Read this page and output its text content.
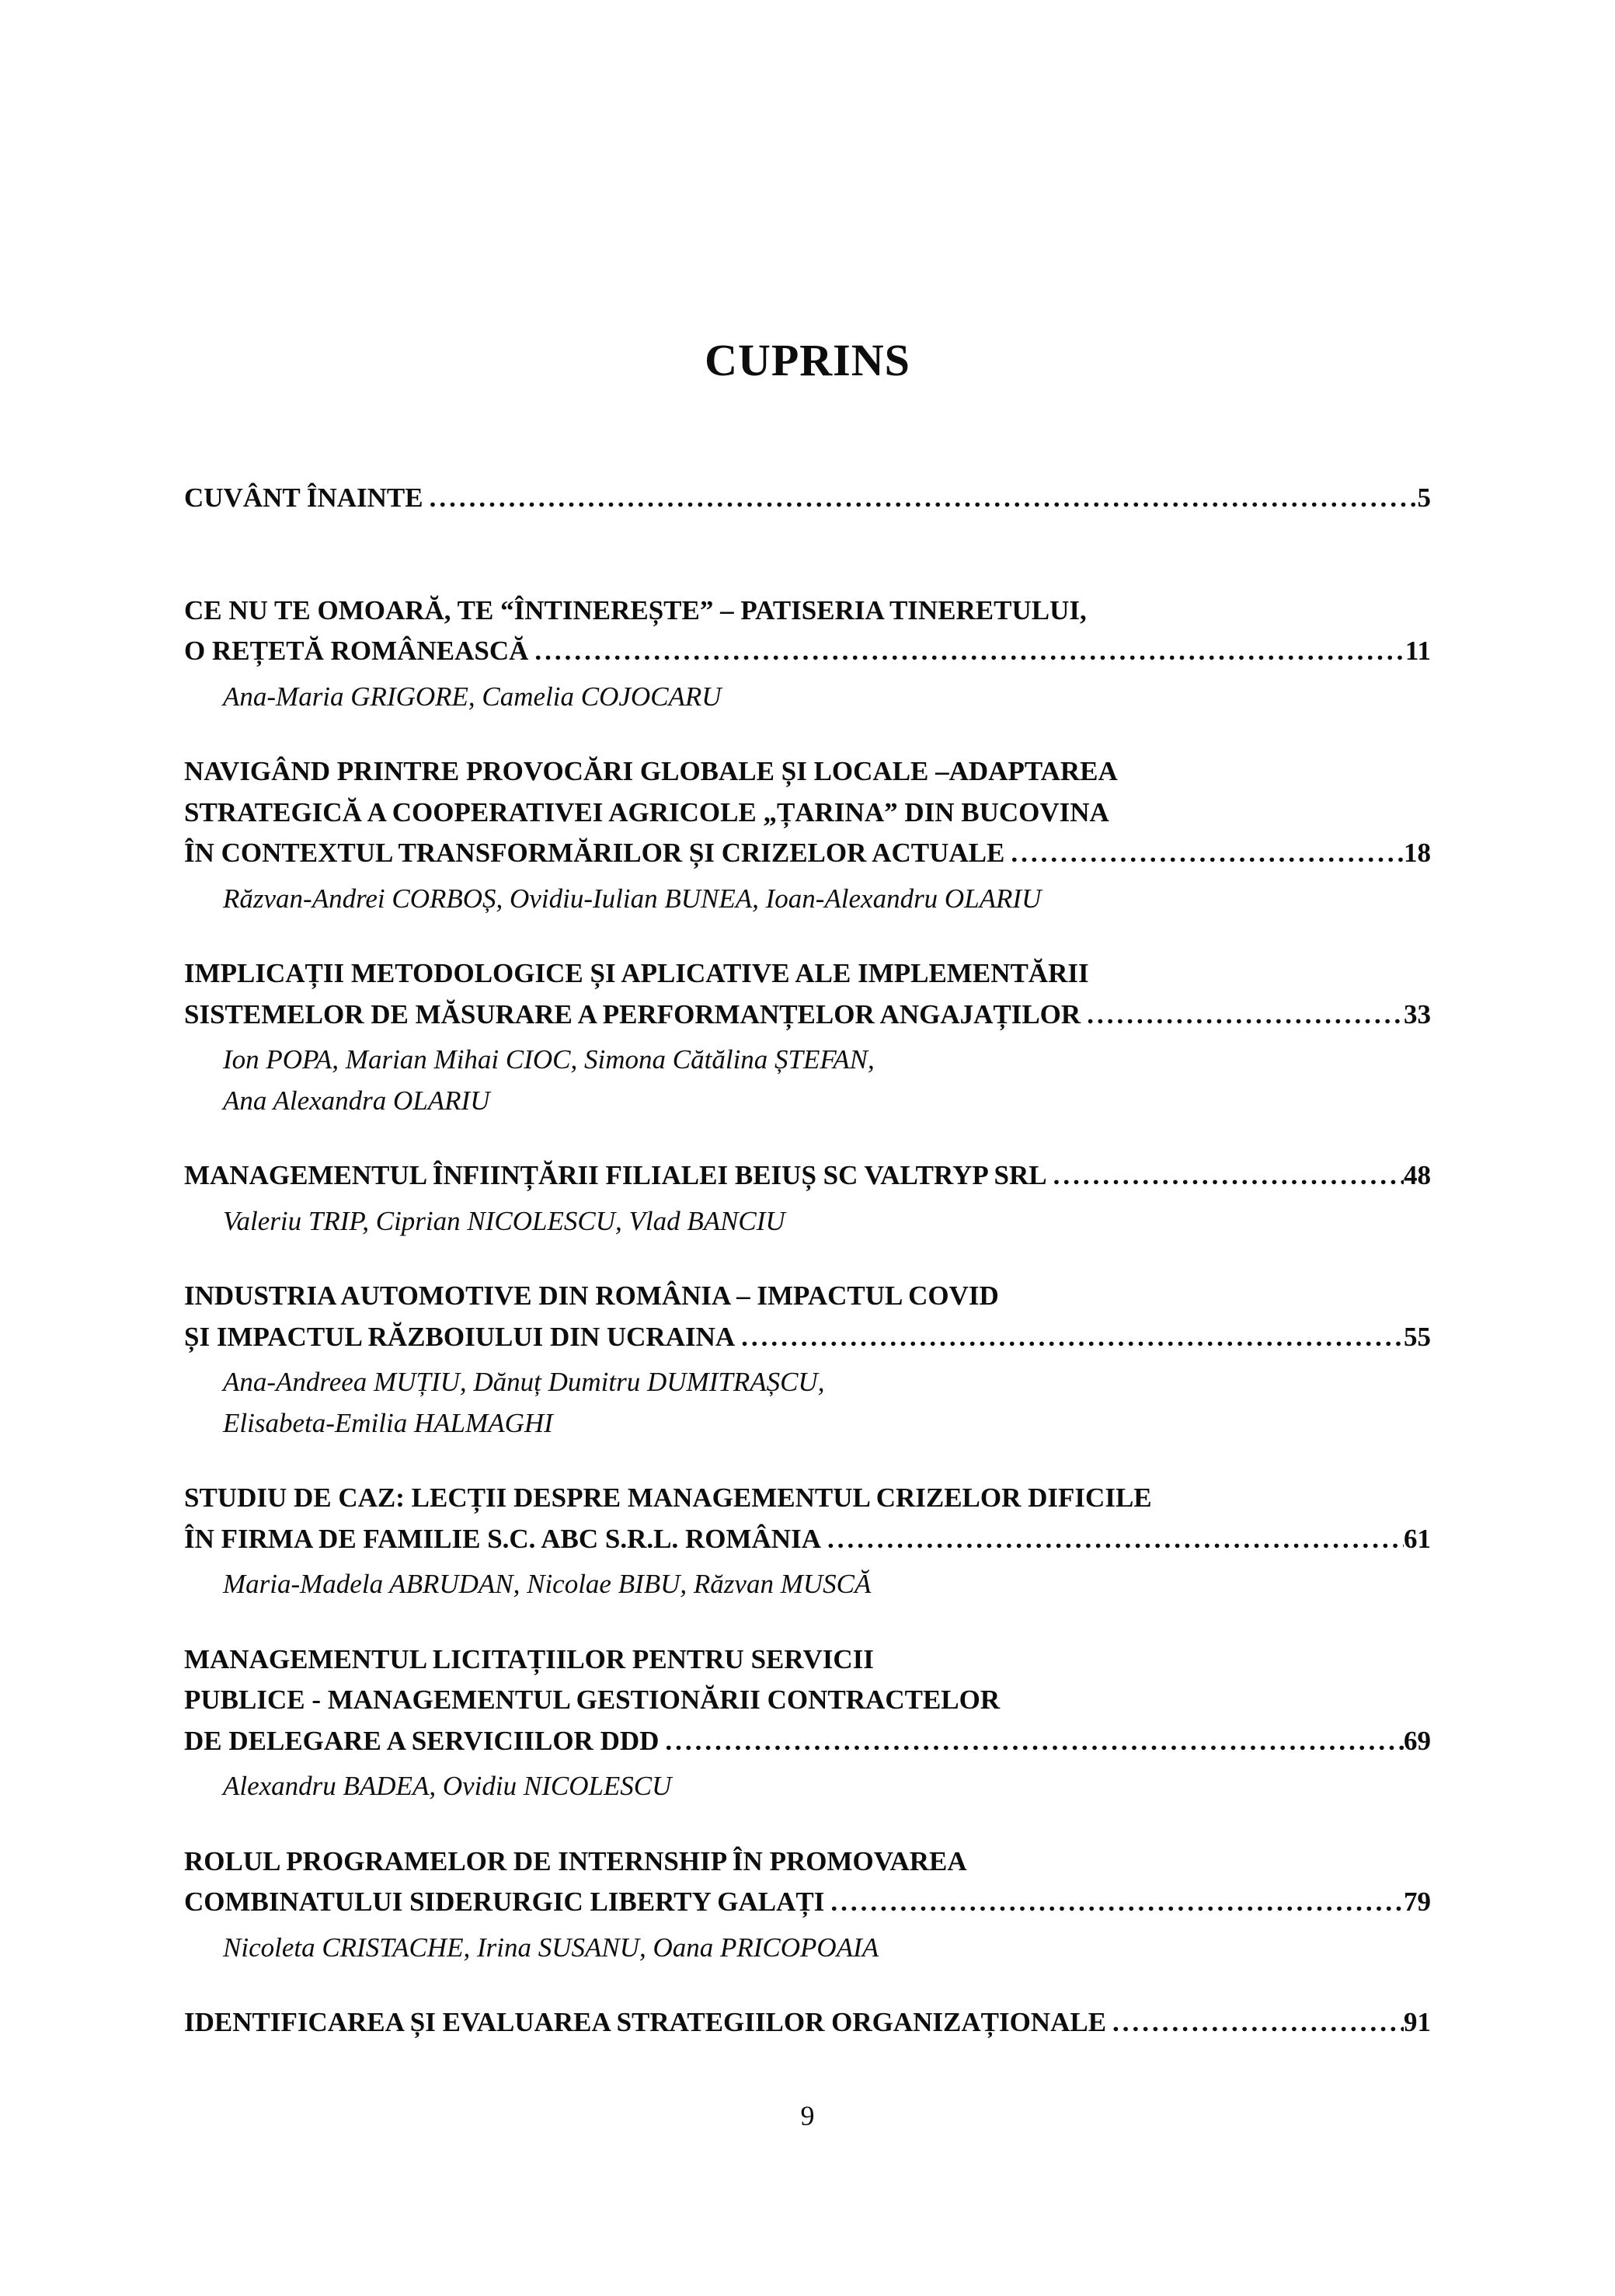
CUPRINS
CUVÂNT ÎNAINTE .....	5
CE NU TE OMOARĂ, TE “ÎNTINEREȘTE” – PATISERIA TINERETULUI,
O REȚETĂ ROMÂNEASCĂ .....	11
Ana-Maria GRIGORE, Camelia COJOCARU
NAVIGÂND PRINTRE PROVOCĂRI GLOBALE ȘI LOCALE –ADAPTAREA
STRATEGICĂ A COOPERATIVEI AGRICOLE „ȚARINA” DIN BUCOVINA
ÎN CONTEXTUL TRANSFORMĂRILOR ȘI CRIZELOR ACTUALE .....	18
Răzvan-Andrei CORBOȘ, Ovidiu-Iulian BUNEA, Ioan-Alexandru OLARIU
IMPLICAȚII METODOLOGICE ȘI APLICATIVE ALE IMPLEMENTĂRII
SISTEMELOR DE MĂSURARE A PERFORMANȚELOR ANGAJAȚILOR .....	33
Ion POPA, Marian Mihai CIOC, Simona Cătălina ȘTEFAN,
Ana Alexandra OLARIU
MANAGEMENTUL ÎNFIINȚĂRII FILIALEI BEIUȘ SC VALTRYP SRL .....	48
Valeriu TRIP, Ciprian NICOLESCU, Vlad BANCIU
INDUSTRIA AUTOMOTIVE DIN ROMÂNIA – IMPACTUL COVID
ȘI IMPACTUL RĂZBOIULUI DIN UCRAINA .....	55
Ana-Andreea MUȚIU, Dănuț Dumitru DUMITRAȘCU,
Elisabeta-Emilia HALMAGHI
STUDIU DE CAZ: LECȚII DESPRE MANAGEMENTUL CRIZELOR DIFICILE
ÎN FIRMA DE FAMILIE S.C. ABC S.R.L. ROMÂNIA .....	61
Maria-Madela ABRUDAN, Nicolae BIBU, Răzvan MUSCĂ
MANAGEMENTUL LICITAȚIILOR PENTRU SERVICII
PUBLICE - MANAGEMENTUL GESTIONĂRII CONTRACTELOR
DE DELEGARE A SERVICIILOR DDD .....	69
Alexandru BADEA, Ovidiu NICOLESCU
ROLUL PROGRAMELOR DE INTERNSHIP ÎN PROMOVAREA
COMBINATULUI SIDERURGIC LIBERTY GALAȚI .....	79
Nicoleta CRISTACHE, Irina SUSANU, Oana PRICOPOAIA
IDENTIFICAREA ȘI EVALUAREA STRATEGIILOR ORGANIZAȚIONALE .....	91
9
